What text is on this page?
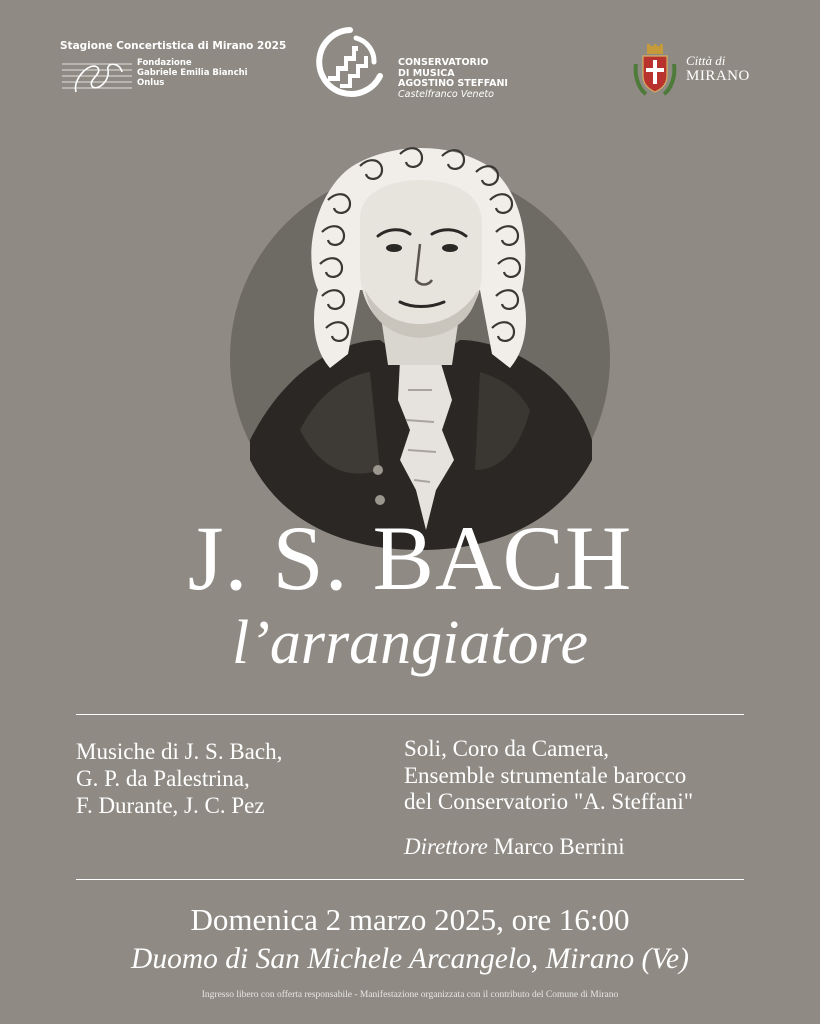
Stagione Concertistica di Mirano 2025
Fondazione
Gabriele Emilia Bianchi
Onlus
CONSERVATORIO
DI MUSICA
AGOSTINO STEFFANI
Castelfranco Veneto
Città di
MIRANO
J. S. BACH
l’arrangiatore
Musiche di J. S. Bach,
G. P. da Palestrina,
F. Durante, J. C. Pez
Soli, Coro da Camera,
Ensemble strumentale barocco
del Conservatorio "A. Steffani"
Direttore Marco Berrini
Domenica 2 marzo 2025, ore 16:00
Duomo di San Michele Arcangelo, Mirano (Ve)
Ingresso libero con offerta responsabile - Manifestazione organizzata con il contributo del Comune di Mirano
